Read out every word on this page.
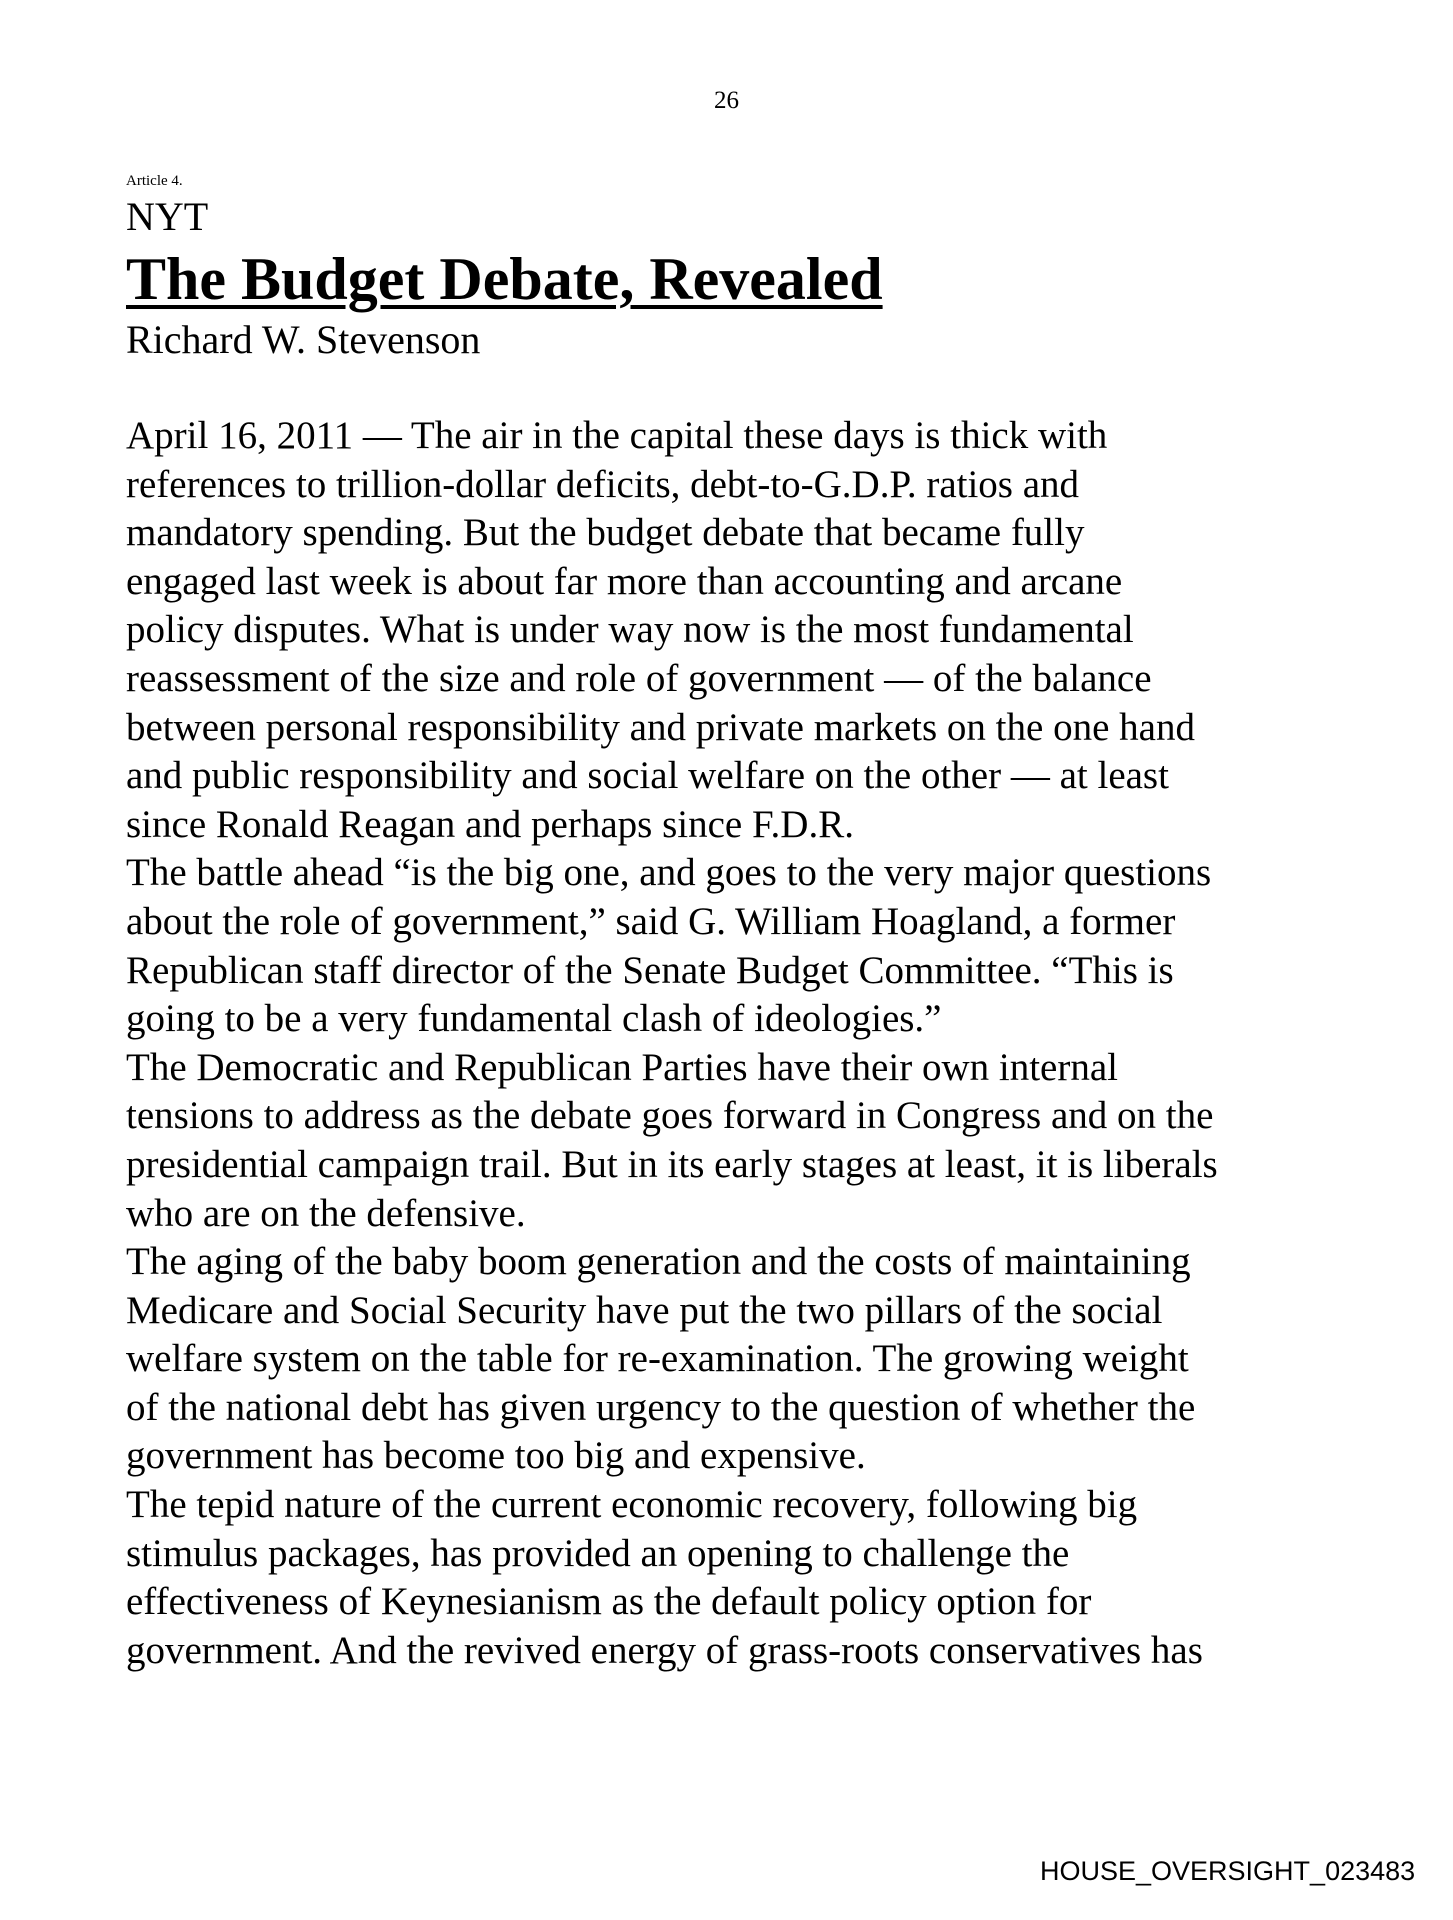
26
Article 4.
NYT
The Budget Debate, Revealed
Richard W. Stevenson
April 16, 2011 — The air in the capital these days is thick with
references to trillion-dollar deficits, debt-to-G.D.P. ratios and
mandatory spending. But the budget debate that became fully
engaged last week is about far more than accounting and arcane
policy disputes. What is under way now is the most fundamental
reassessment of the size and role of government — of the balance
between personal responsibility and private markets on the one hand
and public responsibility and social welfare on the other — at least
since Ronald Reagan and perhaps since F.D.R.
The battle ahead “is the big one, and goes to the very major questions
about the role of government,” said G. William Hoagland, a former
Republican staff director of the Senate Budget Committee. “This is
going to be a very fundamental clash of ideologies.”
The Democratic and Republican Parties have their own internal
tensions to address as the debate goes forward in Congress and on the
presidential campaign trail. But in its early stages at least, it is liberals
who are on the defensive.
The aging of the baby boom generation and the costs of maintaining
Medicare and Social Security have put the two pillars of the social
welfare system on the table for re-examination. The growing weight
of the national debt has given urgency to the question of whether the
government has become too big and expensive.
The tepid nature of the current economic recovery, following big
stimulus packages, has provided an opening to challenge the
effectiveness of Keynesianism as the default policy option for
government. And the revived energy of grass-roots conservatives has
HOUSE_OVERSIGHT_023483
